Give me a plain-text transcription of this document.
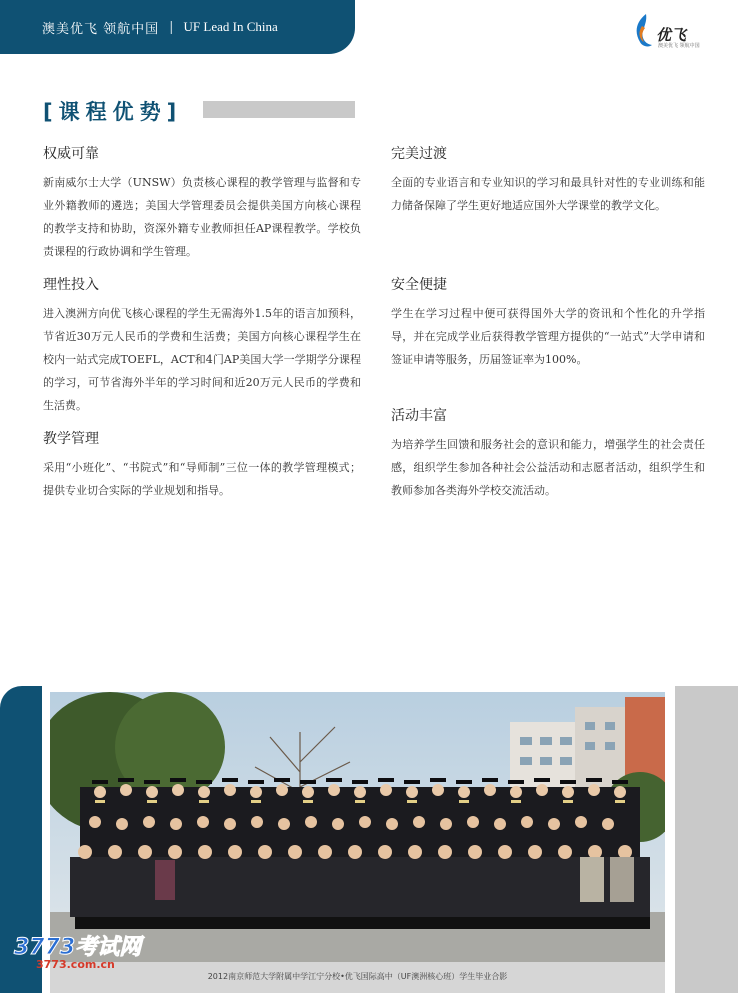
澳美优飞 领航中国 | UF Lead In China	优飞
澳美优飞 领航中国
[课程优势]
权威可靠

新南威尔士大学（UNSW）负责核心课程的教学管理与监督和专业外籍教师的遴选；美国大学管理委员会提供美国方向核心课程的教学支持和协助，资深外籍专业教师担任AP课程教学。学校负责课程的行政协调和学生管理。

理性投入

进入澳洲方向优飞核心课程的学生无需海外1.5年的语言加预科，节省近30万元人民币的学费和生活费；美国方向核心课程学生在校内一站式完成TOEFL，ACT和4门AP美国大学一学期学分课程的学习，可节省海外半年的学习时间和近20万元人民币的学费和生活费。

教学管理

采用“小班化”、“书院式”和“导师制”三位一体的教学管理模式；提供专业切合实际的学业规划和指导。

完美过渡

全面的专业语言和专业知识的学习和最具针对性的专业训练和能力储备保障了学生更好地适应国外大学课堂的教学文化。

安全便捷

学生在学习过程中便可获得国外大学的资讯和个性化的升学指导，并在完成学业后获得教学管理方提供的“一站式”大学申请和签证申请等服务，历届签证率为100%。

活动丰富

为培养学生回馈和服务社会的意识和能力，增强学生的社会责任感，组织学生参加各种社会公益活动和志愿者活动，组织学生和教师参加各类海外学校交流活动。

2012南京师范大学附属中学江宁分校•优飞国际高中（UF澳洲核心班）学生毕业合影
3773考试网
3773.com.cn
